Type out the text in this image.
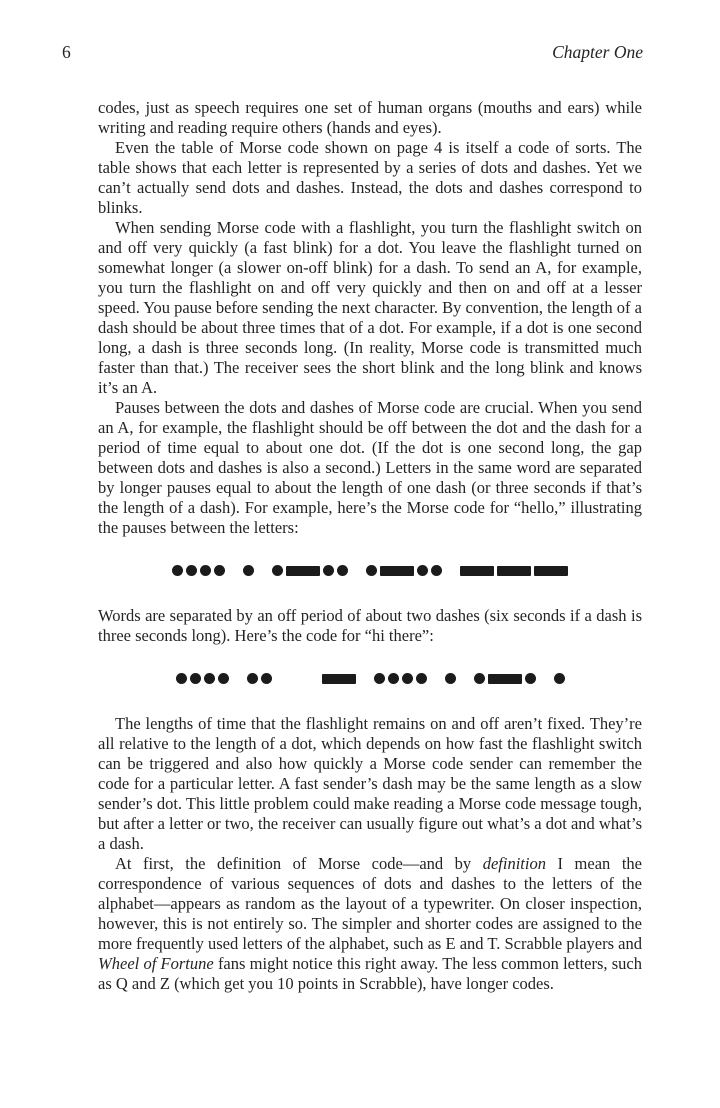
6	Chapter One

codes, just as speech requires one set of human organs (mouths and ears) while writing and reading require others (hands and eyes).

Even the table of Morse code shown on page 4 is itself a code of sorts. The table shows that each letter is represented by a series of dots and dashes. Yet we can’t actually send dots and dashes. Instead, the dots and dashes correspond to blinks.

When sending Morse code with a flashlight, you turn the flashlight switch on and off very quickly (a fast blink) for a dot. You leave the flashlight turned on somewhat longer (a slower on-off blink) for a dash. To send an A, for example, you turn the flashlight on and off very quickly and then on and off at a lesser speed. You pause before sending the next character. By convention, the length of a dash should be about three times that of a dot. For example, if a dot is one second long, a dash is three seconds long. (In reality, Morse code is transmitted much faster than that.) The receiver sees the short blink and the long blink and knows it’s an A.

Pauses between the dots and dashes of Morse code are crucial. When you send an A, for example, the flashlight should be off between the dot and the dash for a period of time equal to about one dot. (If the dot is one second long, the gap between dots and dashes is also a second.) Letters in the same word are separated by longer pauses equal to about the length of one dash (or three seconds if that’s the length of a dash). For example, here’s the Morse code for “hello,” illustrating the pauses between the letters:

Words are separated by an off period of about two dashes (six seconds if a dash is three seconds long). Here’s the code for “hi there”:

The lengths of time that the flashlight remains on and off aren’t fixed. They’re all relative to the length of a dot, which depends on how fast the flashlight switch can be triggered and also how quickly a Morse code sender can remember the code for a particular letter. A fast sender’s dash may be the same length as a slow sender’s dot. This little problem could make reading a Morse code message tough, but after a letter or two, the receiver can usually figure out what’s a dot and what’s a dash.

At first, the definition of Morse code—and by definition I mean the correspondence of various sequences of dots and dashes to the letters of the alphabet—appears as random as the layout of a typewriter. On closer inspection, however, this is not entirely so. The simpler and shorter codes are assigned to the more frequently used letters of the alphabet, such as E and T. Scrabble players and Wheel of Fortune fans might notice this right away. The less common letters, such as Q and Z (which get you 10 points in Scrabble), have longer codes.
